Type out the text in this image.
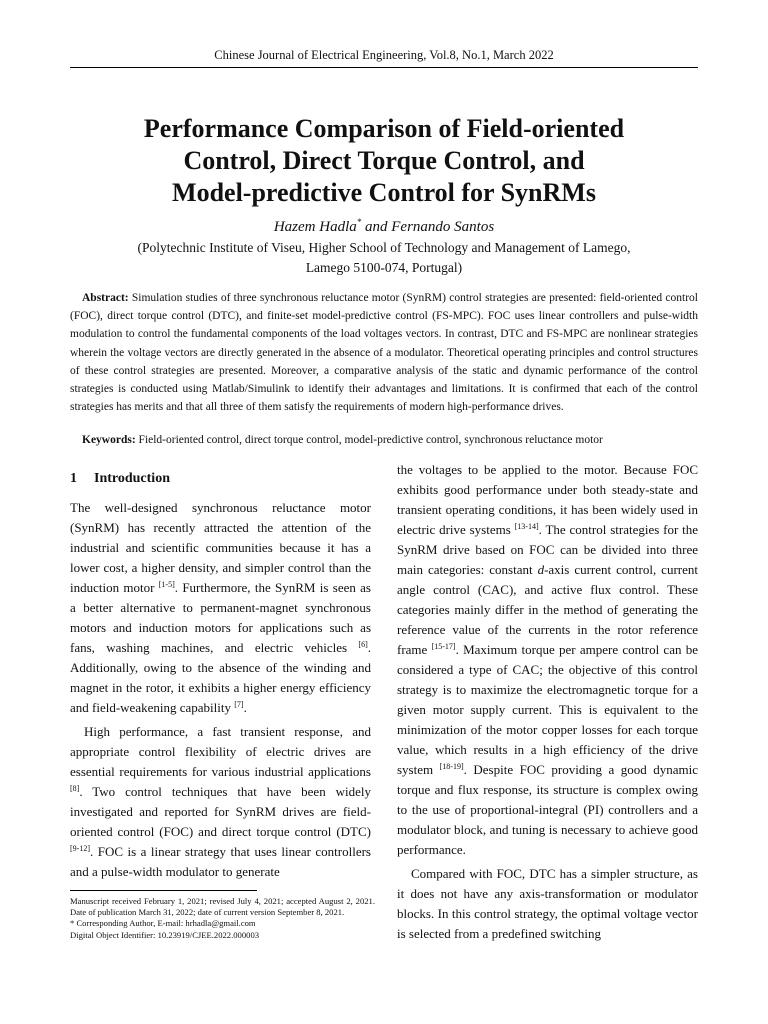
Chinese Journal of Electrical Engineering, Vol.8, No.1, March 2022
Performance Comparison of Field-oriented
Control, Direct Torque Control, and
Model-predictive Control for SynRMs
Hazem Hadla* and Fernando Santos
(Polytechnic Institute of Viseu, Higher School of Technology and Management of Lamego,
Lamego 5100-074, Portugal)

Abstract: Simulation studies of three synchronous reluctance motor (SynRM) control strategies are presented: field-oriented control (FOC), direct torque control (DTC), and finite-set model-predictive control (FS-MPC). FOC uses linear controllers and pulse-width modulation to control the fundamental components of the load voltages vectors. In contrast, DTC and FS-MPC are nonlinear strategies wherein the voltage vectors are directly generated in the absence of a modulator. Theoretical operating principles and control structures of these control strategies are presented. Moreover, a comparative analysis of the static and dynamic performance of the control strategies is conducted using Matlab/Simulink to identify their advantages and limitations. It is confirmed that each of the control strategies has merits and that all three of them satisfy the requirements of modern high-performance drives.

Keywords: Field-oriented control, direct torque control, model-predictive control, synchronous reluctance motor

1 Introduction

The well-designed synchronous reluctance motor (SynRM) has recently attracted the attention of the industrial and scientific communities because it has a lower cost, a higher density, and simpler control than the induction motor [1-5]. Furthermore, the SynRM is seen as a better alternative to permanent-magnet synchronous motors and induction motors for applications such as fans, washing machines, and electric vehicles [6]. Additionally, owing to the absence of the winding and magnet in the rotor, it exhibits a higher energy efficiency and field-weakening capability [7].

High performance, a fast transient response, and appropriate control flexibility of electric drives are essential requirements for various industrial applications [8]. Two control techniques that have been widely investigated and reported for SynRM drives are field-oriented control (FOC) and direct torque control (DTC) [9-12]. FOC is a linear strategy that uses linear controllers and a pulse-width modulator to generate

the voltages to be applied to the motor. Because FOC exhibits good performance under both steady-state and transient operating conditions, it has been widely used in electric drive systems [13-14]. The control strategies for the SynRM drive based on FOC can be divided into three main categories: constant d-axis current control, current angle control (CAC), and active flux control. These categories mainly differ in the method of generating the reference value of the currents in the rotor reference frame [15-17]. Maximum torque per ampere control can be considered a type of CAC; the objective of this control strategy is to maximize the electromagnetic torque for a given motor supply current. This is equivalent to the minimization of the motor copper losses for each torque value, which results in a high efficiency of the drive system [18-19]. Despite FOC providing a good dynamic torque and flux response, its structure is complex owing to the use of proportional-integral (PI) controllers and a modulator block, and tuning is necessary to achieve good performance.

Compared with FOC, DTC has a simpler structure, as it does not have any axis-transformation or modulator blocks. In this control strategy, the optimal voltage vector is selected from a predefined switching

Manuscript received February 1, 2021; revised July 4, 2021; accepted August 2, 2021. Date of publication March 31, 2022; date of current version September 8, 2021.
* Corresponding Author, E-mail: hrhadla@gmail.com
Digital Object Identifier: 10.23919/CJEE.2022.000003
